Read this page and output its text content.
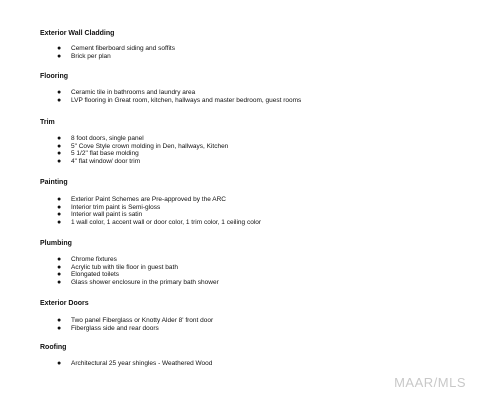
Exterior Wall Cladding
● Cement fiberboard siding and soffits
● Brick per plan
Flooring
● Ceramic tile in bathrooms and laundry area
● LVP flooring in Great room, kitchen, hallways and master bedroom, guest rooms
Trim
● 8 foot doors, single panel
● 5" Cove Style crown molding in Den, hallways, Kitchen
● 5 1/2" flat base molding
● 4" flat window/ door trim
Painting
● Exterior Paint Schemes are Pre-approved by the ARC
● Interior trim paint is Semi-gloss
● Interior wall paint is satin
● 1 wall color, 1 accent wall or door color, 1 trim color, 1 ceiling color
Plumbing
● Chrome fixtures
● Acrylic tub with tile floor in guest bath
● Elongated toilets
● Glass shower enclosure in the primary bath shower
Exterior Doors
● Two panel Fiberglass or Knotty Alder 8' front door
● Fiberglass side and rear doors
Roofing
● Architectural 25 year shingles - Weathered Wood
MAAR/MLS
